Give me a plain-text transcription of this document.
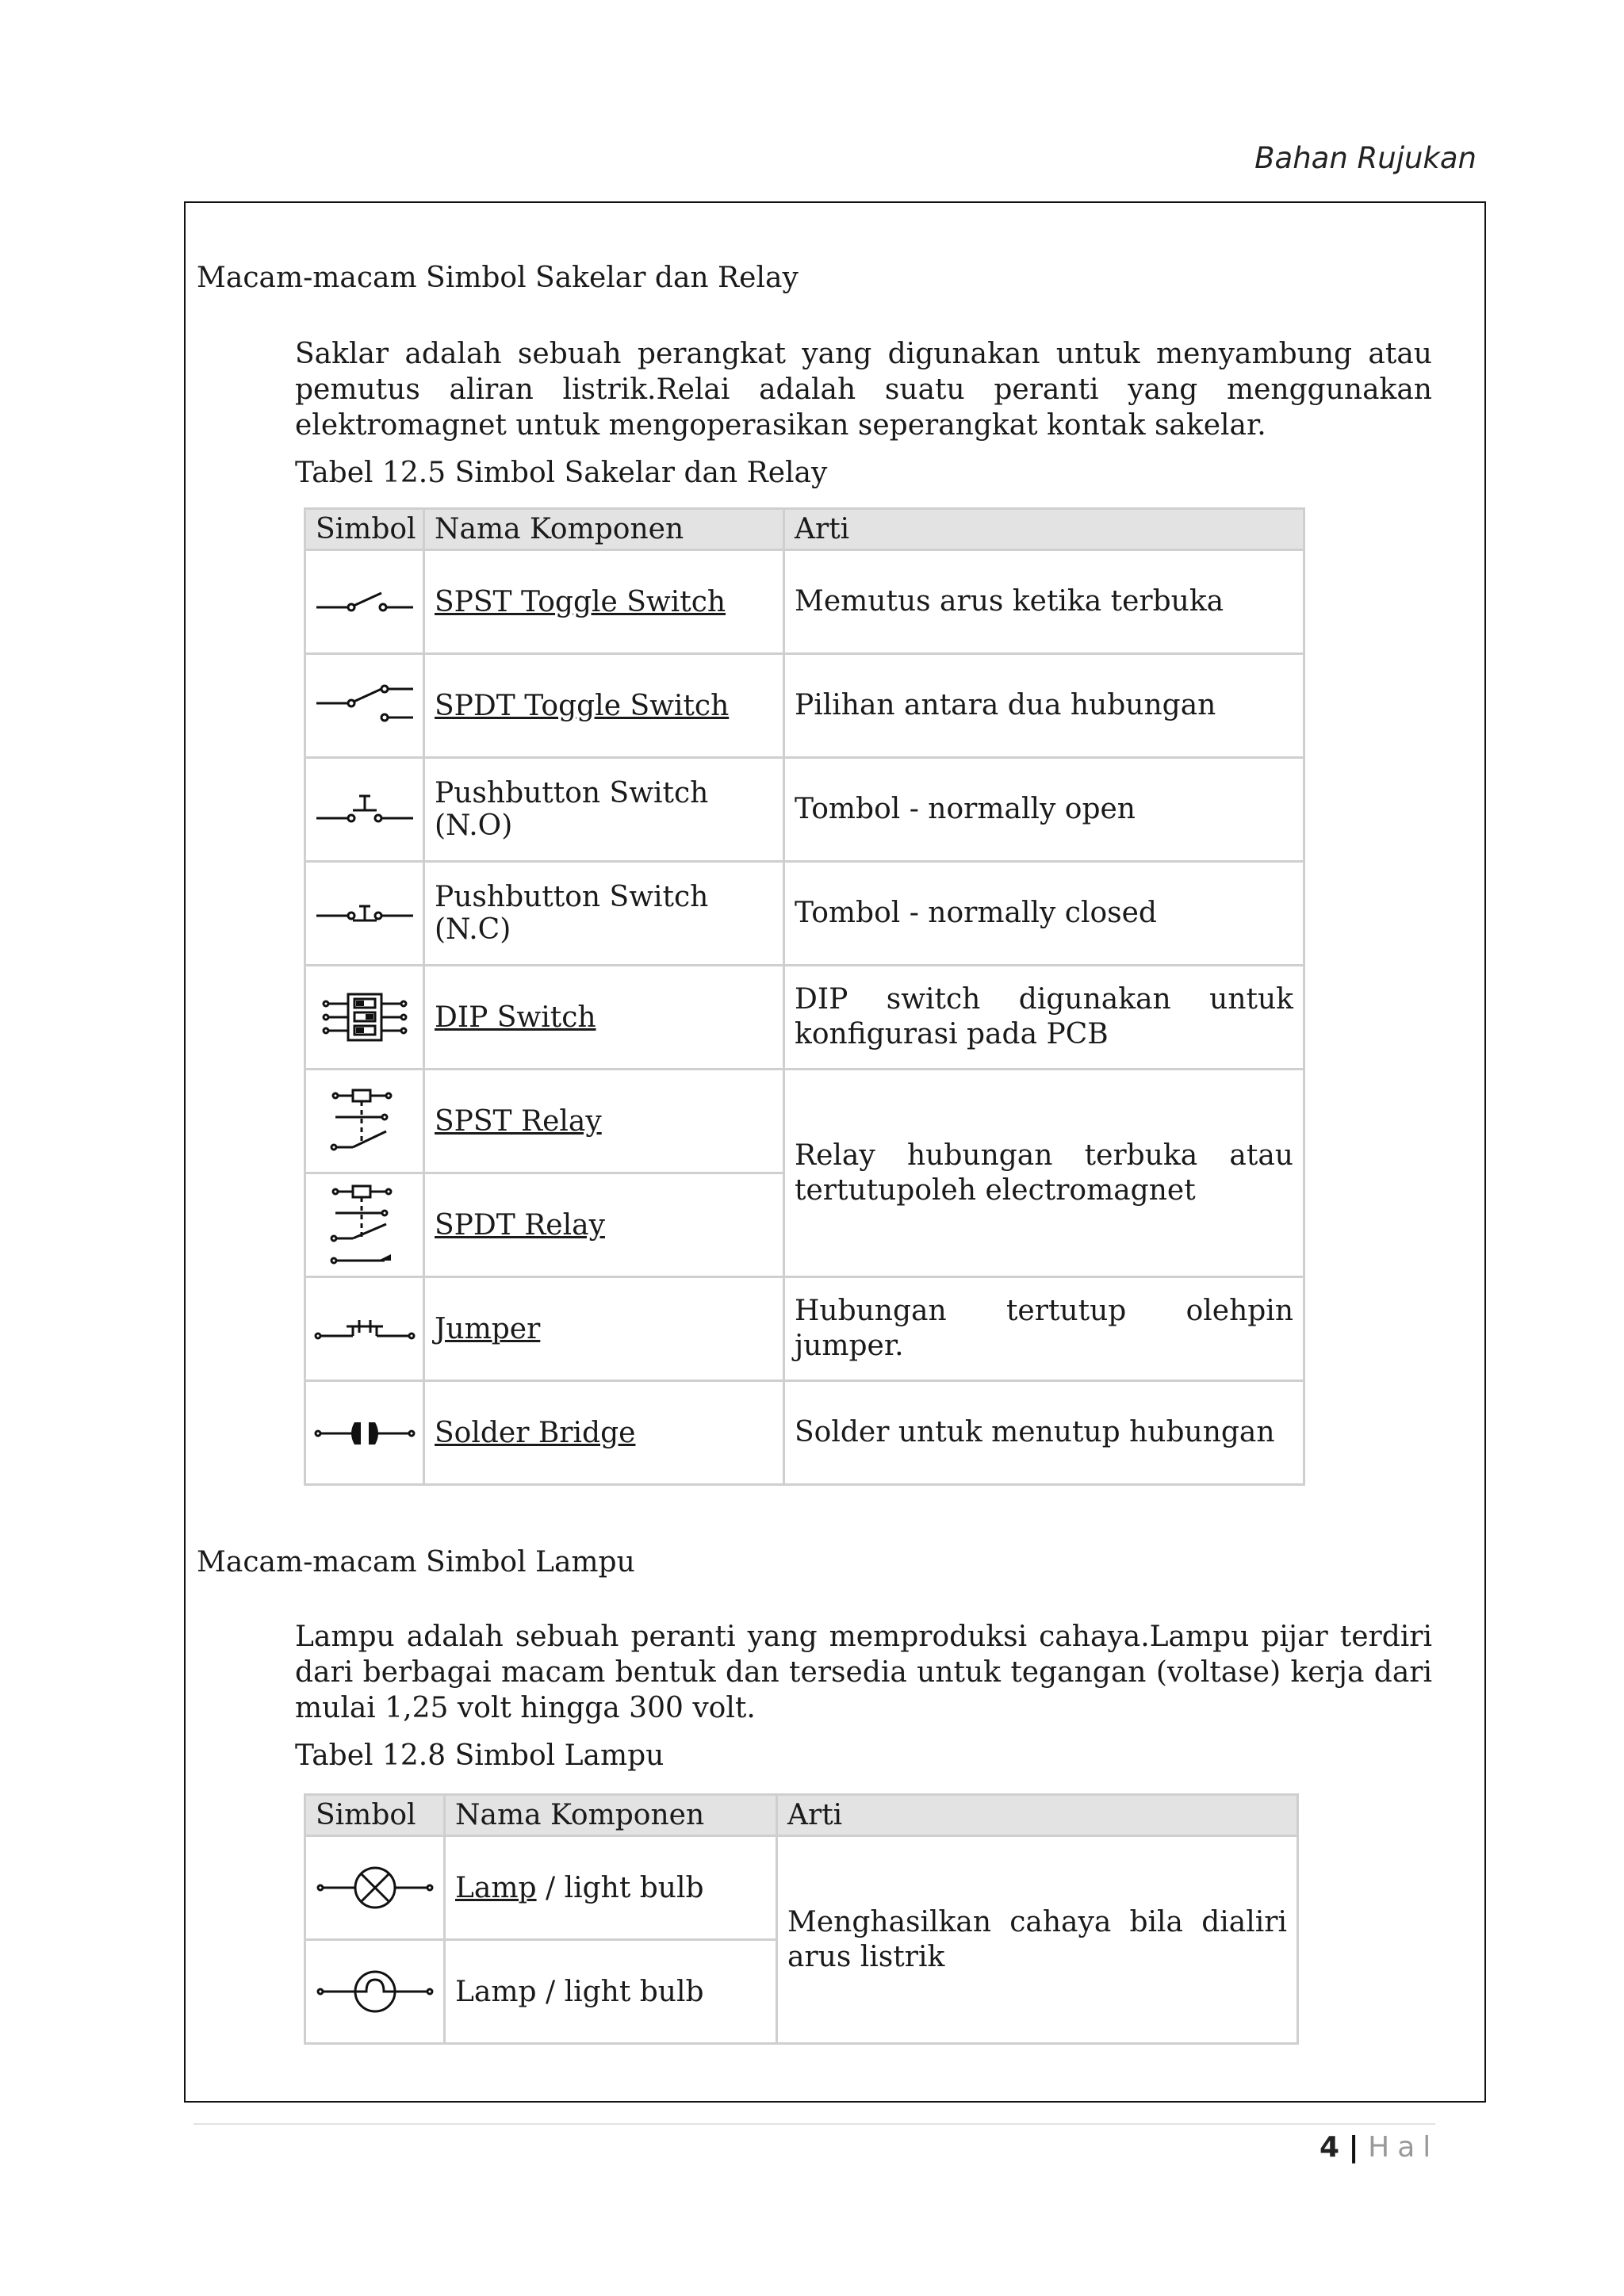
Bahan Rujukan
Macam-macam Simbol Sakelar dan Relay
Saklar adalah sebuah perangkat yang digunakan untuk menyambung atau pemutus aliran listrik.Relai adalah suatu peranti yang menggunakan elektromagnet untuk mengoperasikan seperangkat kontak sakelar.
Tabel 12.5 Simbol Sakelar dan Relay
Simbol	Nama Komponen	Arti

	SPST Toggle Switch	Memutus arus ketika terbuka

	SPDT Toggle Switch	Pilihan antara dua hubungan

	Pushbutton Switch (N.O)	Tombol - normally open

	Pushbutton Switch (N.C)	Tombol - normally closed

	DIP Switch	DIP switch digunakan untuk konfigurasi pada PCB

	SPST Relay	Relay hubungan terbuka atau tertutupoleh electromagnet

	SPDT Relay	

	Jumper	Hubungan tertutup olehpin jumper.

	Solder Bridge	Solder untuk menutup hubungan
Macam-macam Simbol Lampu
Lampu adalah sebuah peranti yang memproduksi cahaya.Lampu pijar terdiri dari berbagai macam bentuk dan tersedia untuk tegangan (voltase) kerja dari mulai 1,25 volt hingga 300 volt.
Tabel 12.8 Simbol Lampu
Simbol	Nama Komponen	Arti

	Lamp / light bulb	Menghasilkan cahaya bila dialiri arus listrik

	Lamp / light bulb	
4 | Hal
